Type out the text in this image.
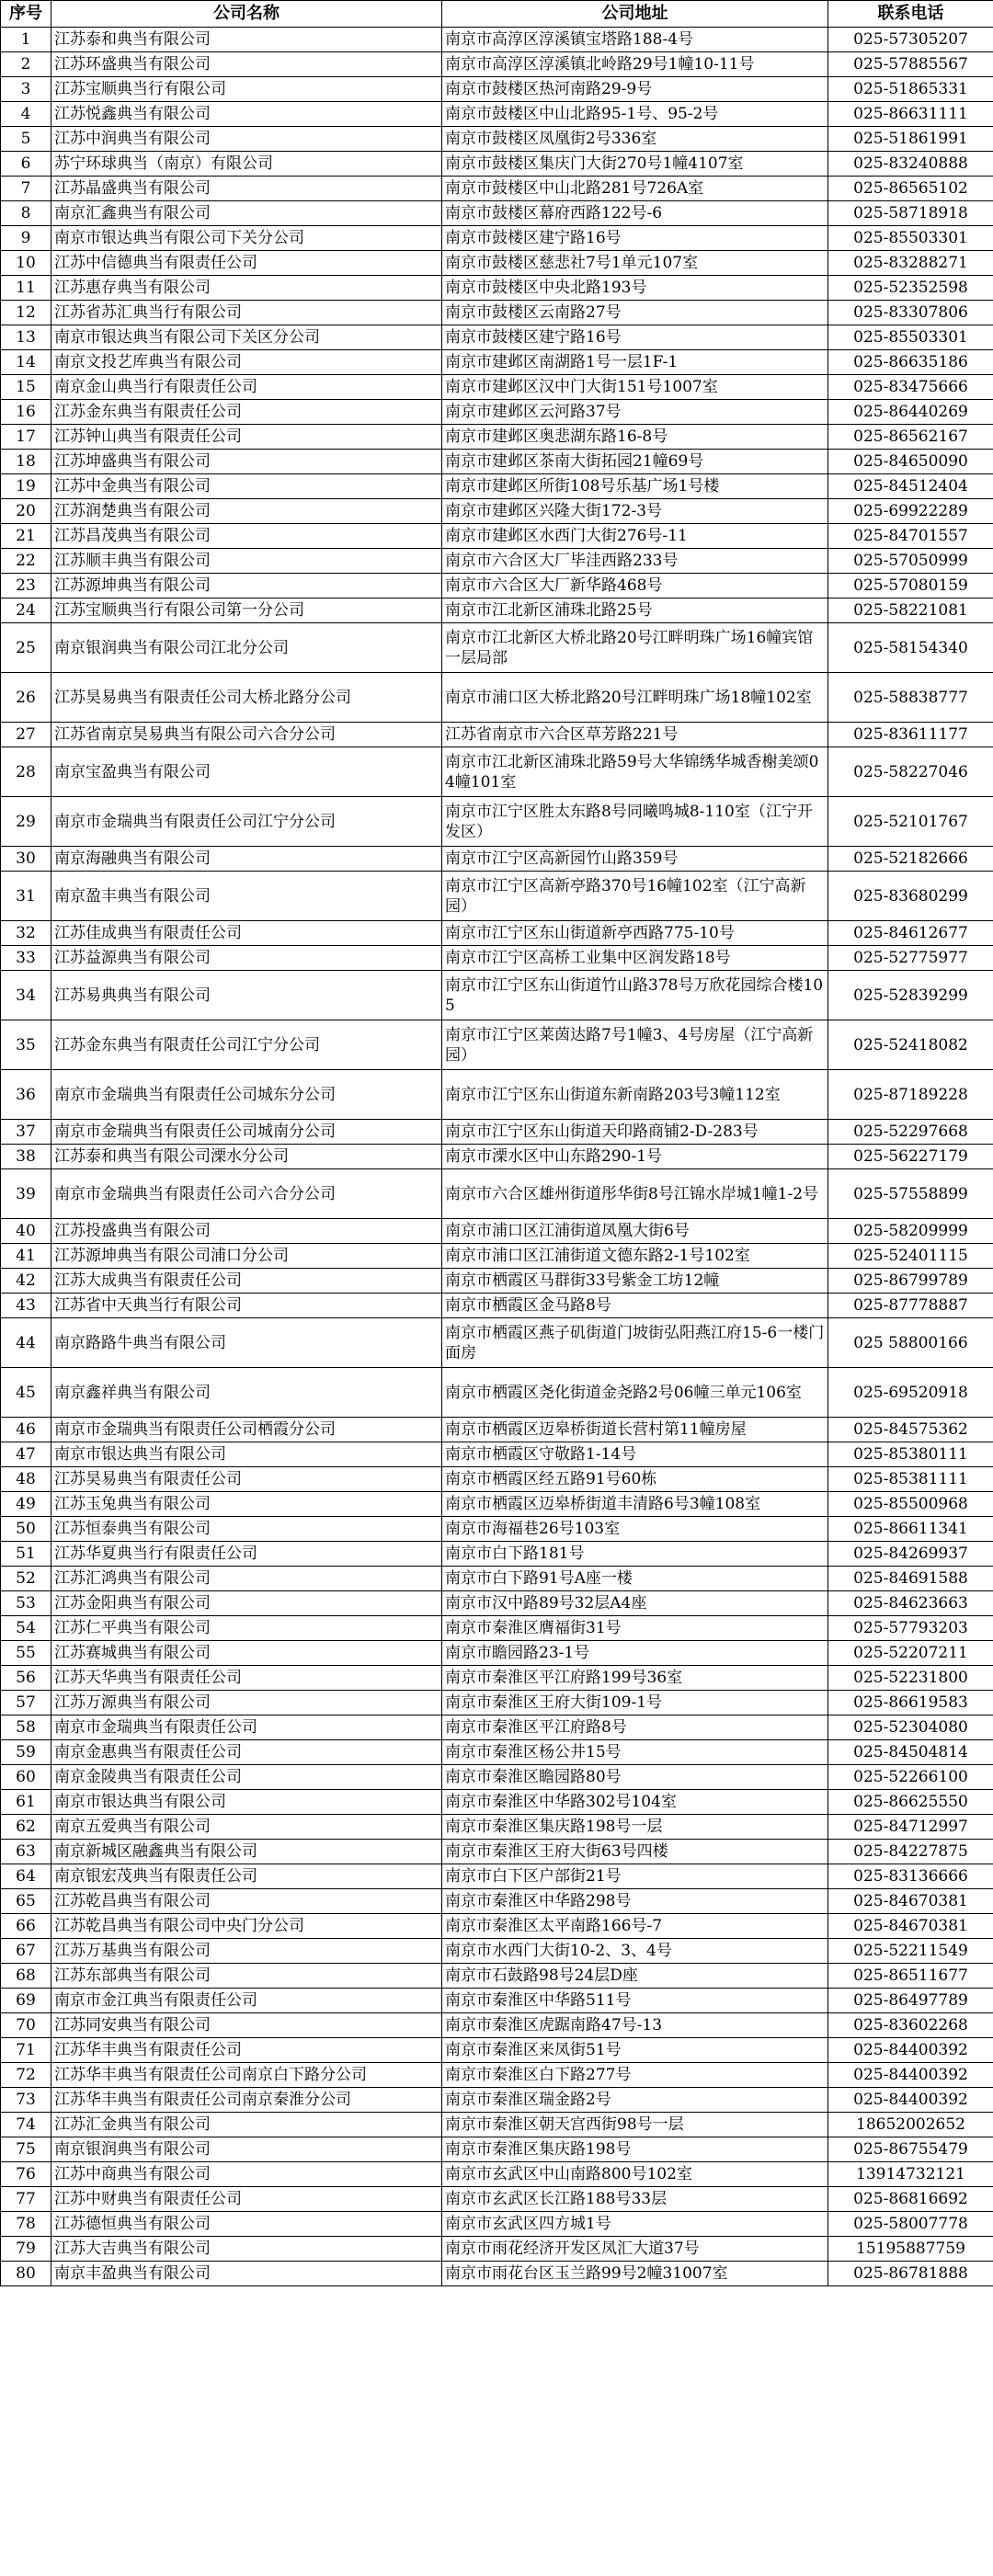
序号	公司名称	公司地址	联系电话
1	江苏泰和典当有限公司	南京市高淳区淳溪镇宝塔路188-4号	025-57305207
2	江苏环盛典当有限公司	南京市高淳区淳溪镇北岭路29号1幢10-11号	025-57885567
3	江苏宝顺典当行有限公司	南京市鼓楼区热河南路29-9号	025-51865331
4	江苏悦鑫典当有限公司	南京市鼓楼区中山北路95-1号、95-2号	025-86631111
5	江苏中润典当有限公司	南京市鼓楼区凤凰街2号336室	025-51861991
6	苏宁环球典当（南京）有限公司	南京市鼓楼区集庆门大街270号1幢4107室	025-83240888
7	江苏晶盛典当有限公司	南京市鼓楼区中山北路281号726A室	025-86565102
8	南京汇鑫典当有限公司	南京市鼓楼区幕府西路122号-6	025-58718918
9	南京市银达典当有限公司下关分公司	南京市鼓楼区建宁路16号	025-85503301
10	江苏中信德典当有限责任公司	南京市鼓楼区慈悲社7号1单元107室	025-83288271
11	江苏惠存典当有限公司	南京市鼓楼区中央北路193号	025-52352598
12	江苏省苏汇典当行有限公司	南京市鼓楼区云南路27号	025-83307806
13	南京市银达典当有限公司下关区分公司	南京市鼓楼区建宁路16号	025-85503301
14	南京文投艺库典当有限公司	南京市建邺区南湖路1号一层1F-1	025-86635186
15	南京金山典当行有限责任公司	南京市建邺区汉中门大街151号1007室	025-83475666
16	江苏金东典当有限责任公司	南京市建邺区云河路37号	025-86440269
17	江苏钟山典当有限责任公司	南京市建邺区奥悲湖东路16-8号	025-86562167
18	江苏坤盛典当有限公司	南京市建邺区茶南大街拓园21幢69号	025-84650090
19	江苏中金典当有限公司	南京市建邺区所街108号乐基广场1号楼	025-84512404
20	江苏润楚典当有限公司	南京市建邺区兴隆大街172-3号	025-69922289
21	江苏昌茂典当有限公司	南京市建邺区水西门大街276号-11	025-84701557
22	江苏顺丰典当有限公司	南京市六合区大厂毕洼西路233号	025-57050999
23	江苏源坤典当有限公司	南京市六合区大厂新华路468号	025-57080159
24	江苏宝顺典当行有限公司第一分公司	南京市江北新区浦珠北路25号	025-58221081
25	南京银润典当有限公司江北分公司	南京市江北新区大桥北路20号江畔明珠广场16幢宾馆一层局部	025-58154340
26	江苏昊易典当有限责任公司大桥北路分公司	南京市浦口区大桥北路20号江畔明珠广场18幢102室	025-58838777
27	江苏省南京昊易典当有限公司六合分公司	江苏省南京市六合区草芳路221号	025-83611177
28	南京宝盈典当有限公司	南京市江北新区浦珠北路59号大华锦绣华城香榭美颂04幢101室	025-58227046
29	南京市金瑞典当有限责任公司江宁分公司	南京市江宁区胜太东路8号同曦鸣城8-110室（江宁开发区）	025-52101767
30	南京海融典当有限公司	南京市江宁区高新园竹山路359号	025-52182666
31	南京盈丰典当有限公司	南京市江宁区高新亭路370号16幢102室（江宁高新园）	025-83680299
32	江苏佳成典当有限责任公司	南京市江宁区东山街道新亭西路775-10号	025-84612677
33	江苏益源典当有限公司	南京市江宁区高桥工业集中区润发路18号	025-52775977
34	江苏易典典当有限公司	南京市江宁区东山街道竹山路378号万欣花园综合楼105	025-52839299
35	江苏金东典当有限责任公司江宁分公司	南京市江宁区莱茵达路7号1幢3、4号房屋（江宁高新园）	025-52418082
36	南京市金瑞典当有限责任公司城东分公司	南京市江宁区东山街道东新南路203号3幢112室	025-87189228
37	南京市金瑞典当有限责任公司城南分公司	南京市江宁区东山街道天印路商铺2-D-283号	025-52297668
38	江苏泰和典当有限公司溧水分公司	南京市溧水区中山东路290-1号	025-56227179
39	南京市金瑞典当有限责任公司六合分公司	南京市六合区雄州街道彤华街8号江锦水岸城1幢1-2号	025-57558899
40	江苏投盛典当有限公司	南京市浦口区江浦街道凤凰大街6号	025-58209999
41	江苏源坤典当有限公司浦口分公司	南京市浦口区江浦街道文德东路2-1号102室	025-52401115
42	江苏大成典当有限责任公司	南京市栖霞区马群街33号紫金工坊12幢	025-86799789
43	江苏省中天典当行有限公司	南京市栖霞区金马路8号	025-87778887
44	南京路路牛典当有限公司	南京市栖霞区燕子矶街道门坡街弘阳燕江府15-6一楼门面房	025 58800166
45	南京鑫祥典当有限公司	南京市栖霞区尧化街道金尧路2号06幢三单元106室	025-69520918
46	南京市金瑞典当有限责任公司栖霞分公司	南京市栖霞区迈皋桥街道长营村第11幢房屋	025-84575362
47	南京市银达典当有限公司	南京市栖霞区守敬路1-14号	025-85380111
48	江苏昊易典当有限责任公司	南京市栖霞区经五路91号60栋	025-85381111
49	江苏玉兔典当有限公司	南京市栖霞区迈皋桥街道丰清路6号3幢108室	025-85500968
50	江苏恒泰典当有限公司	南京市海福巷26号103室	025-86611341
51	江苏华夏典当行有限责任公司	南京市白下路181号	025-84269937
52	江苏汇鸿典当有限公司	南京市白下路91号A座一楼	025-84691588
53	江苏金阳典当有限公司	南京市汉中路89号32层A4座	025-84623663
54	江苏仁平典当有限公司	南京市秦淮区膺福街31号	025-57793203
55	江苏赛城典当有限公司	南京市瞻园路23-1号	025-52207211
56	江苏天华典当有限责任公司	南京市秦淮区平江府路199号36室	025-52231800
57	江苏万源典当有限公司	南京市秦淮区王府大街109-1号	025-86619583
58	南京市金瑞典当有限责任公司	南京市秦淮区平江府路8号	025-52304080
59	南京金惠典当有限责任公司	南京市秦淮区杨公井15号	025-84504814
60	南京金陵典当有限责任公司	南京市秦淮区瞻园路80号	025-52266100
61	南京市银达典当有限公司	南京市秦淮区中华路302号104室	025-86625550
62	南京五爱典当有限公司	南京市秦淮区集庆路198号一层	025-84712997
63	南京新城区融鑫典当有限公司	南京市秦淮区王府大街63号四楼	025-84227875
64	南京银宏茂典当有限责任公司	南京市白下区户部街21号	025-83136666
65	江苏乾昌典当有限公司	南京市秦淮区中华路298号	025-84670381
66	江苏乾昌典当有限公司中央门分公司	南京市秦淮区太平南路166号-7	025-84670381
67	江苏万基典当有限公司	南京市水西门大街10-2、3、4号	025-52211549
68	江苏东部典当有限公司	南京市石鼓路98号24层D座	025-86511677
69	南京市金江典当有限责任公司	南京市秦淮区中华路511号	025-86497789
70	江苏同安典当有限公司	南京市秦淮区虎踞南路47号-13	025-83602268
71	江苏华丰典当有限责任公司	南京市秦淮区来凤街51号	025-84400392
72	江苏华丰典当有限责任公司南京白下路分公司	南京市秦淮区白下路277号	025-84400392
73	江苏华丰典当有限责任公司南京秦淮分公司	南京市秦淮区瑞金路2号	025-84400392
74	江苏汇金典当有限公司	南京市秦淮区朝天宫西街98号一层	18652002652
75	南京银润典当有限公司	南京市秦淮区集庆路198号	025-86755479
76	江苏中商典当有限公司	南京市玄武区中山南路800号102室	13914732121
77	江苏中财典当有限责任公司	南京市玄武区长江路188号33层	025-86816692
78	江苏德恒典当有限公司	南京市玄武区四方城1号	025-58007778
79	江苏大吉典当有限公司	南京市雨花经济开发区凤汇大道37号	15195887759
80	南京丰盈典当有限公司	南京市雨花台区玉兰路99号2幢31007室	025-86781888
